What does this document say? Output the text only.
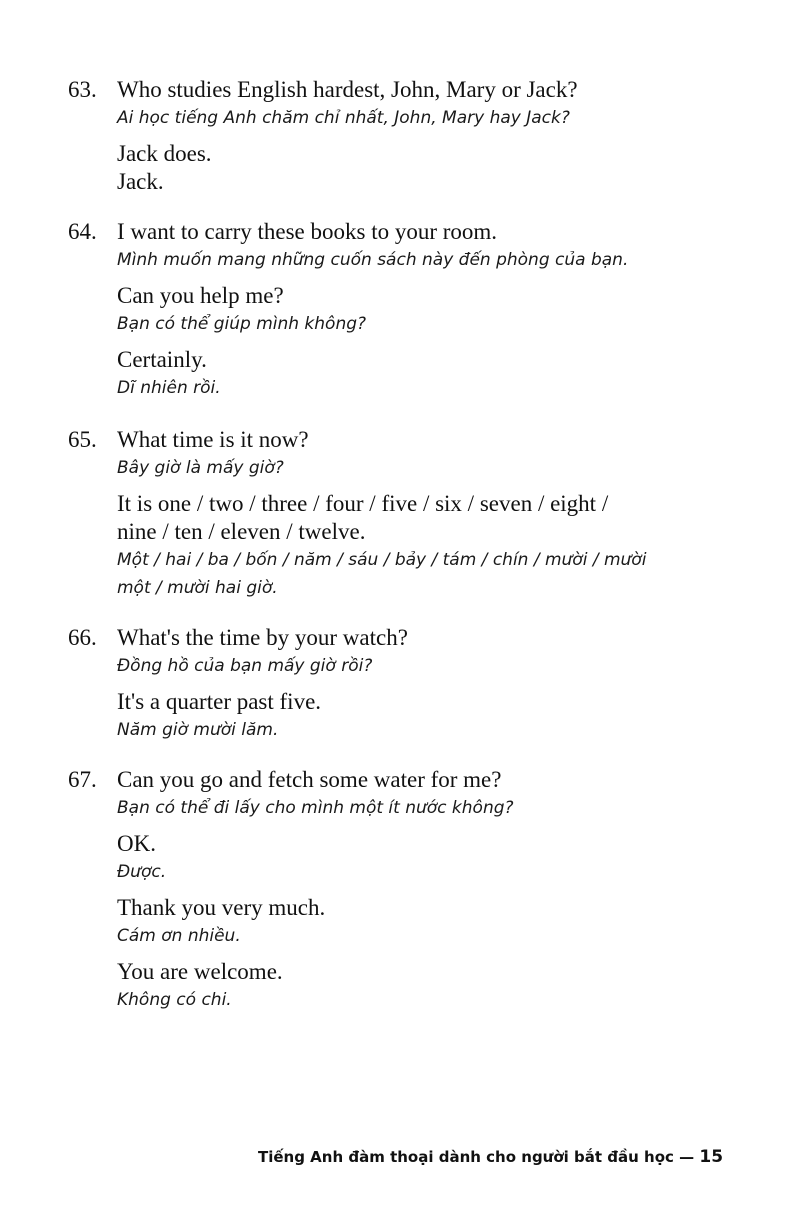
63. Who studies English hardest, John, Mary or Jack?

Ai học tiếng Anh chăm chỉ nhất, John, Mary hay Jack?

Jack does.

Jack.

64. I want to carry these books to your room.

Mình muốn mang những cuốn sách này đến phòng của bạn.

Can you help me?

Bạn có thể giúp mình không?

Certainly.

Dĩ nhiên rồi.

65. What time is it now?

Bây giờ là mấy giờ?

It is one / two / three / four / five / six / seven / eight /

nine / ten / eleven / twelve.

Một / hai / ba / bốn / năm / sáu / bảy / tám / chín / mười / mười

một / mười hai giờ.

66. What's the time by your watch?

Đồng hồ của bạn mấy giờ rồi?

It's a quarter past five.

Năm giờ mười lăm.

67. Can you go and fetch some water for me?

Bạn có thể đi lấy cho mình một ít nước không?

OK.

Được.

Thank you very much.

Cám ơn nhiều.

You are welcome.

Không có chi.

Tiếng Anh đàm thoại dành cho người bắt đầu học — 15
